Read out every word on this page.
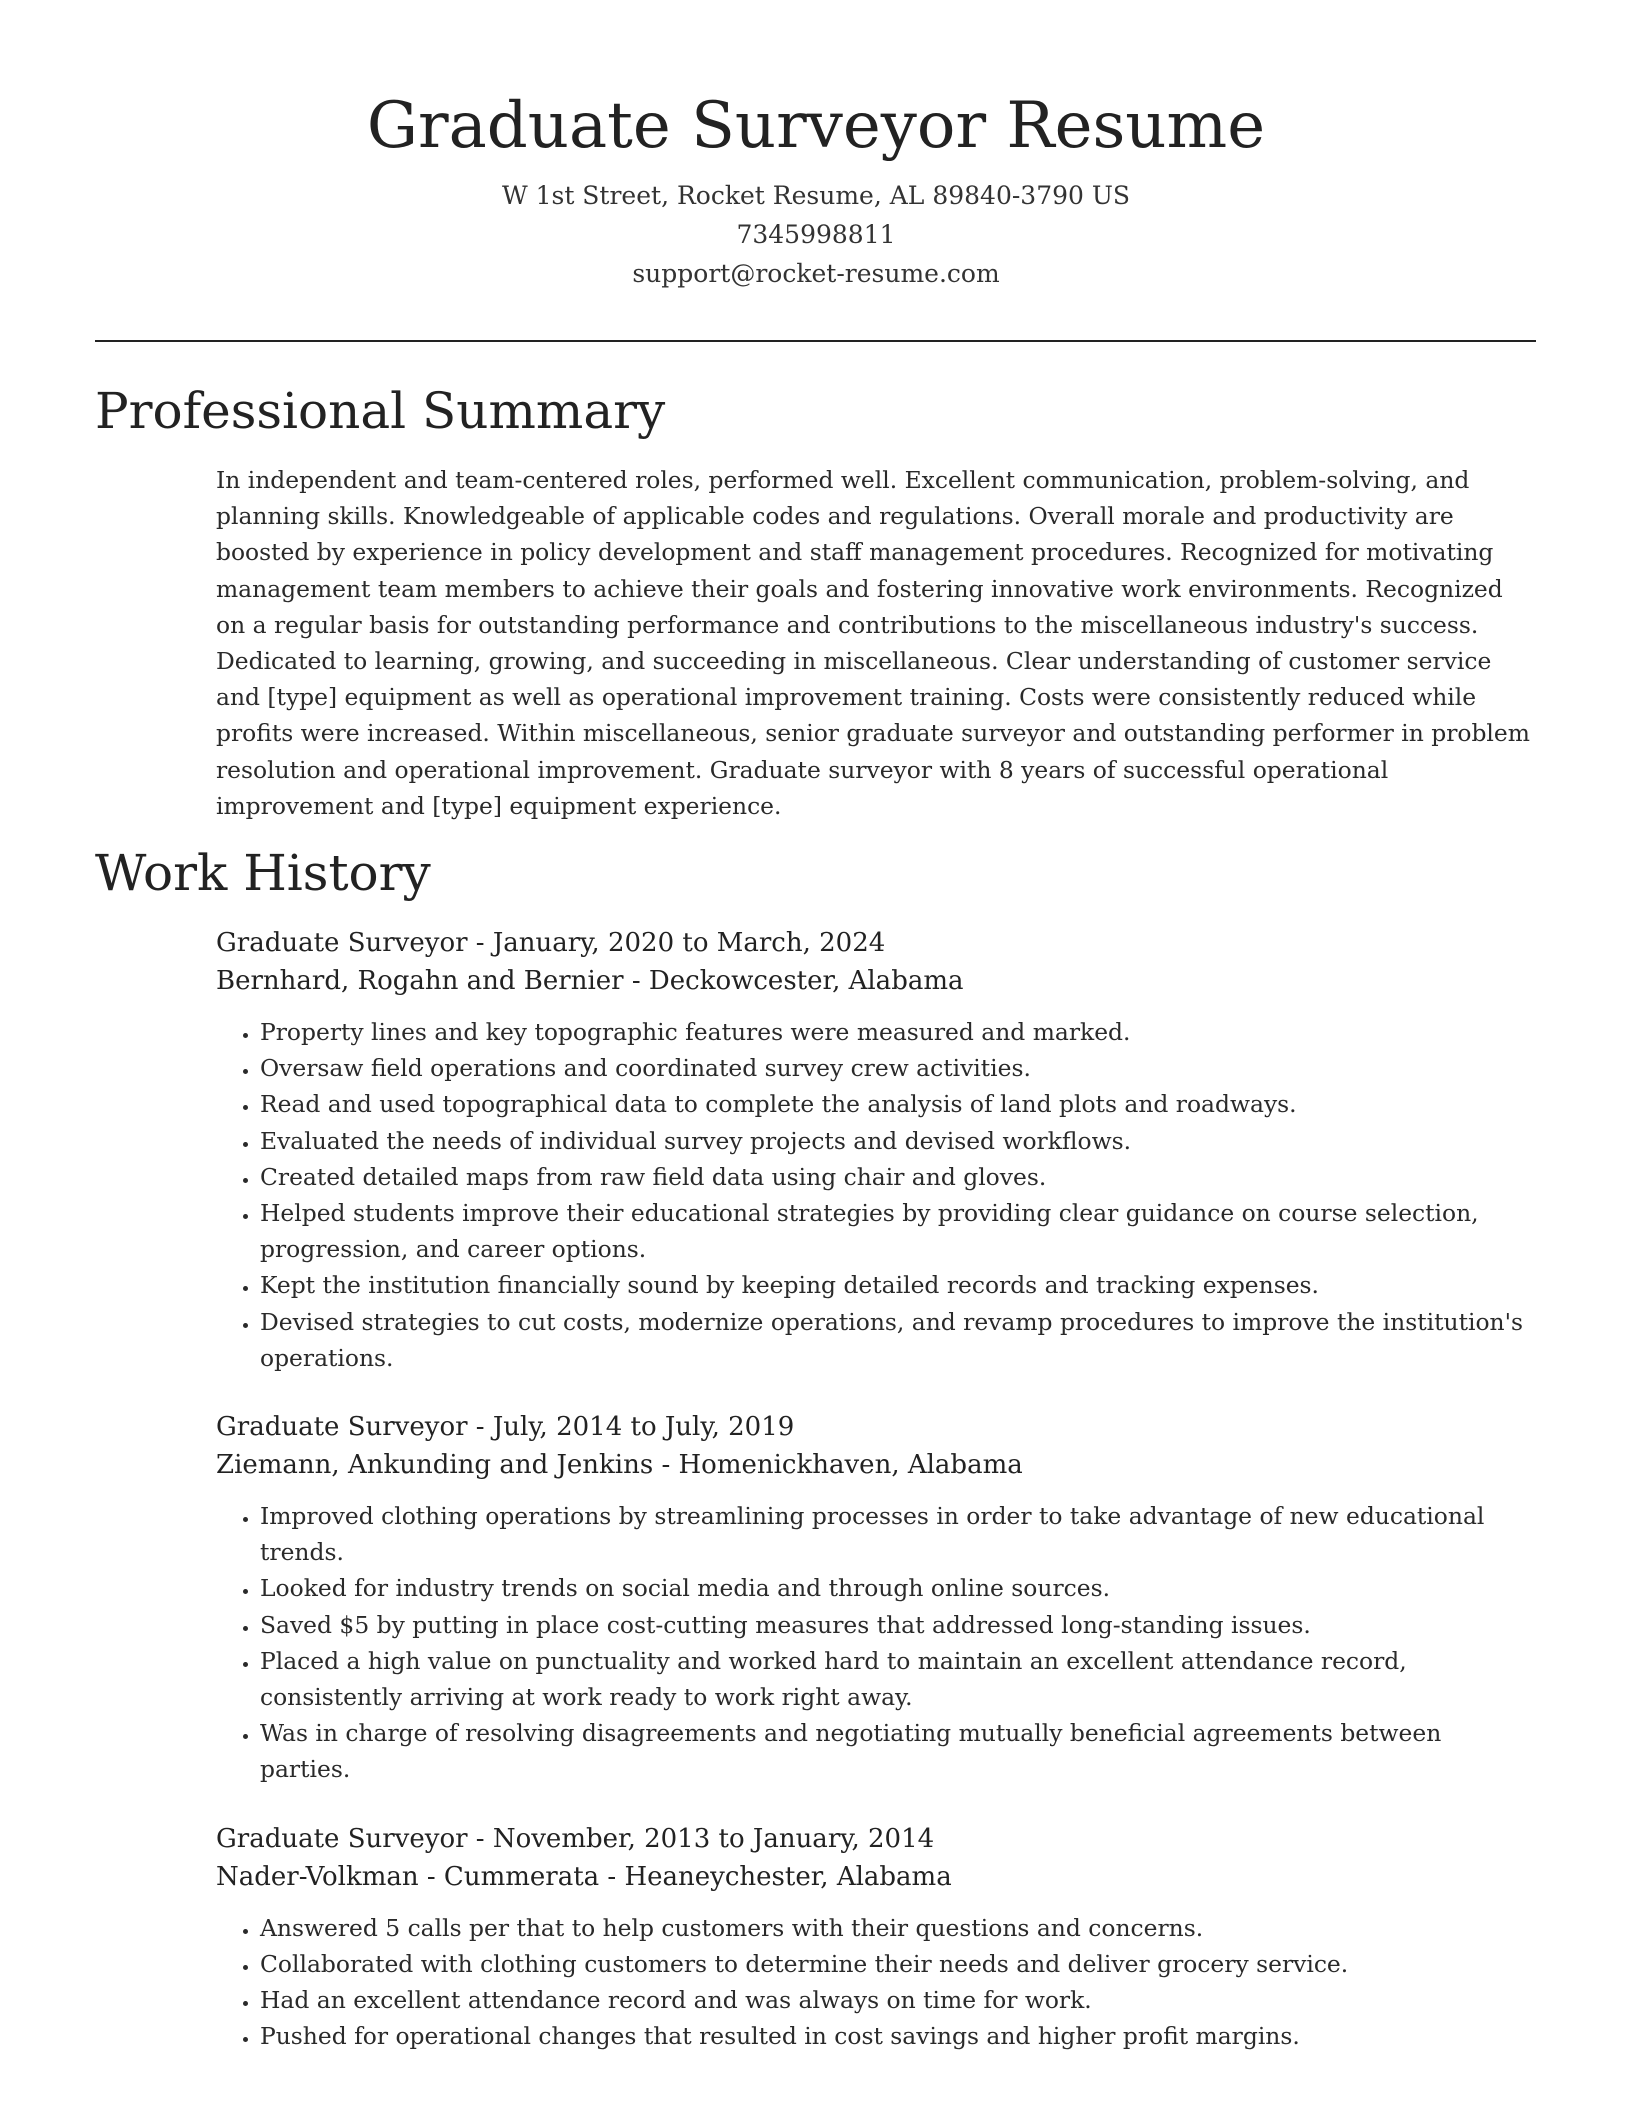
Graduate Surveyor Resume
W 1st Street, Rocket Resume, AL 89840-3790 US
7345998811
support@rocket-resume.com
Professional Summary

In independent and team-centered roles, performed well. Excellent communication, problem-solving, and planning skills. Knowledgeable of applicable codes and regulations. Overall morale and productivity are boosted by experience in policy development and staff management procedures. Recognized for motivating management team members to achieve their goals and fostering innovative work environments. Recognized on a regular basis for outstanding performance and contributions to the miscellaneous industry's success. Dedicated to learning, growing, and succeeding in miscellaneous. Clear understanding of customer service and [type] equipment as well as operational improvement training. Costs were consistently reduced while profits were increased. Within miscellaneous, senior graduate surveyor and outstanding performer in problem resolution and operational improvement. Graduate surveyor with 8 years of successful operational improvement and [type] equipment experience.

Work History
Graduate Surveyor - January, 2020 to March, 2024
Bernhard, Rogahn and Bernier - Deckowcester, Alabama
• Property lines and key topographic features were measured and marked.
• Oversaw field operations and coordinated survey crew activities.
• Read and used topographical data to complete the analysis of land plots and roadways.
• Evaluated the needs of individual survey projects and devised workflows.
• Created detailed maps from raw field data using chair and gloves.
• Helped students improve their educational strategies by providing clear guidance on course selection, progression, and career options.
• Kept the institution financially sound by keeping detailed records and tracking expenses.
• Devised strategies to cut costs, modernize operations, and revamp procedures to improve the institution's operations.
Graduate Surveyor - July, 2014 to July, 2019
Ziemann, Ankunding and Jenkins - Homenickhaven, Alabama
• Improved clothing operations by streamlining processes in order to take advantage of new educational trends.
• Looked for industry trends on social media and through online sources.
• Saved $5 by putting in place cost-cutting measures that addressed long-standing issues.
• Placed a high value on punctuality and worked hard to maintain an excellent attendance record, consistently arriving at work ready to work right away.
• Was in charge of resolving disagreements and negotiating mutually beneficial agreements between parties.
Graduate Surveyor - November, 2013 to January, 2014
Nader-Volkman - Cummerata - Heaneychester, Alabama
• Answered 5 calls per that to help customers with their questions and concerns.
• Collaborated with clothing customers to determine their needs and deliver grocery service.
• Had an excellent attendance record and was always on time for work.
• Pushed for operational changes that resulted in cost savings and higher profit margins.
